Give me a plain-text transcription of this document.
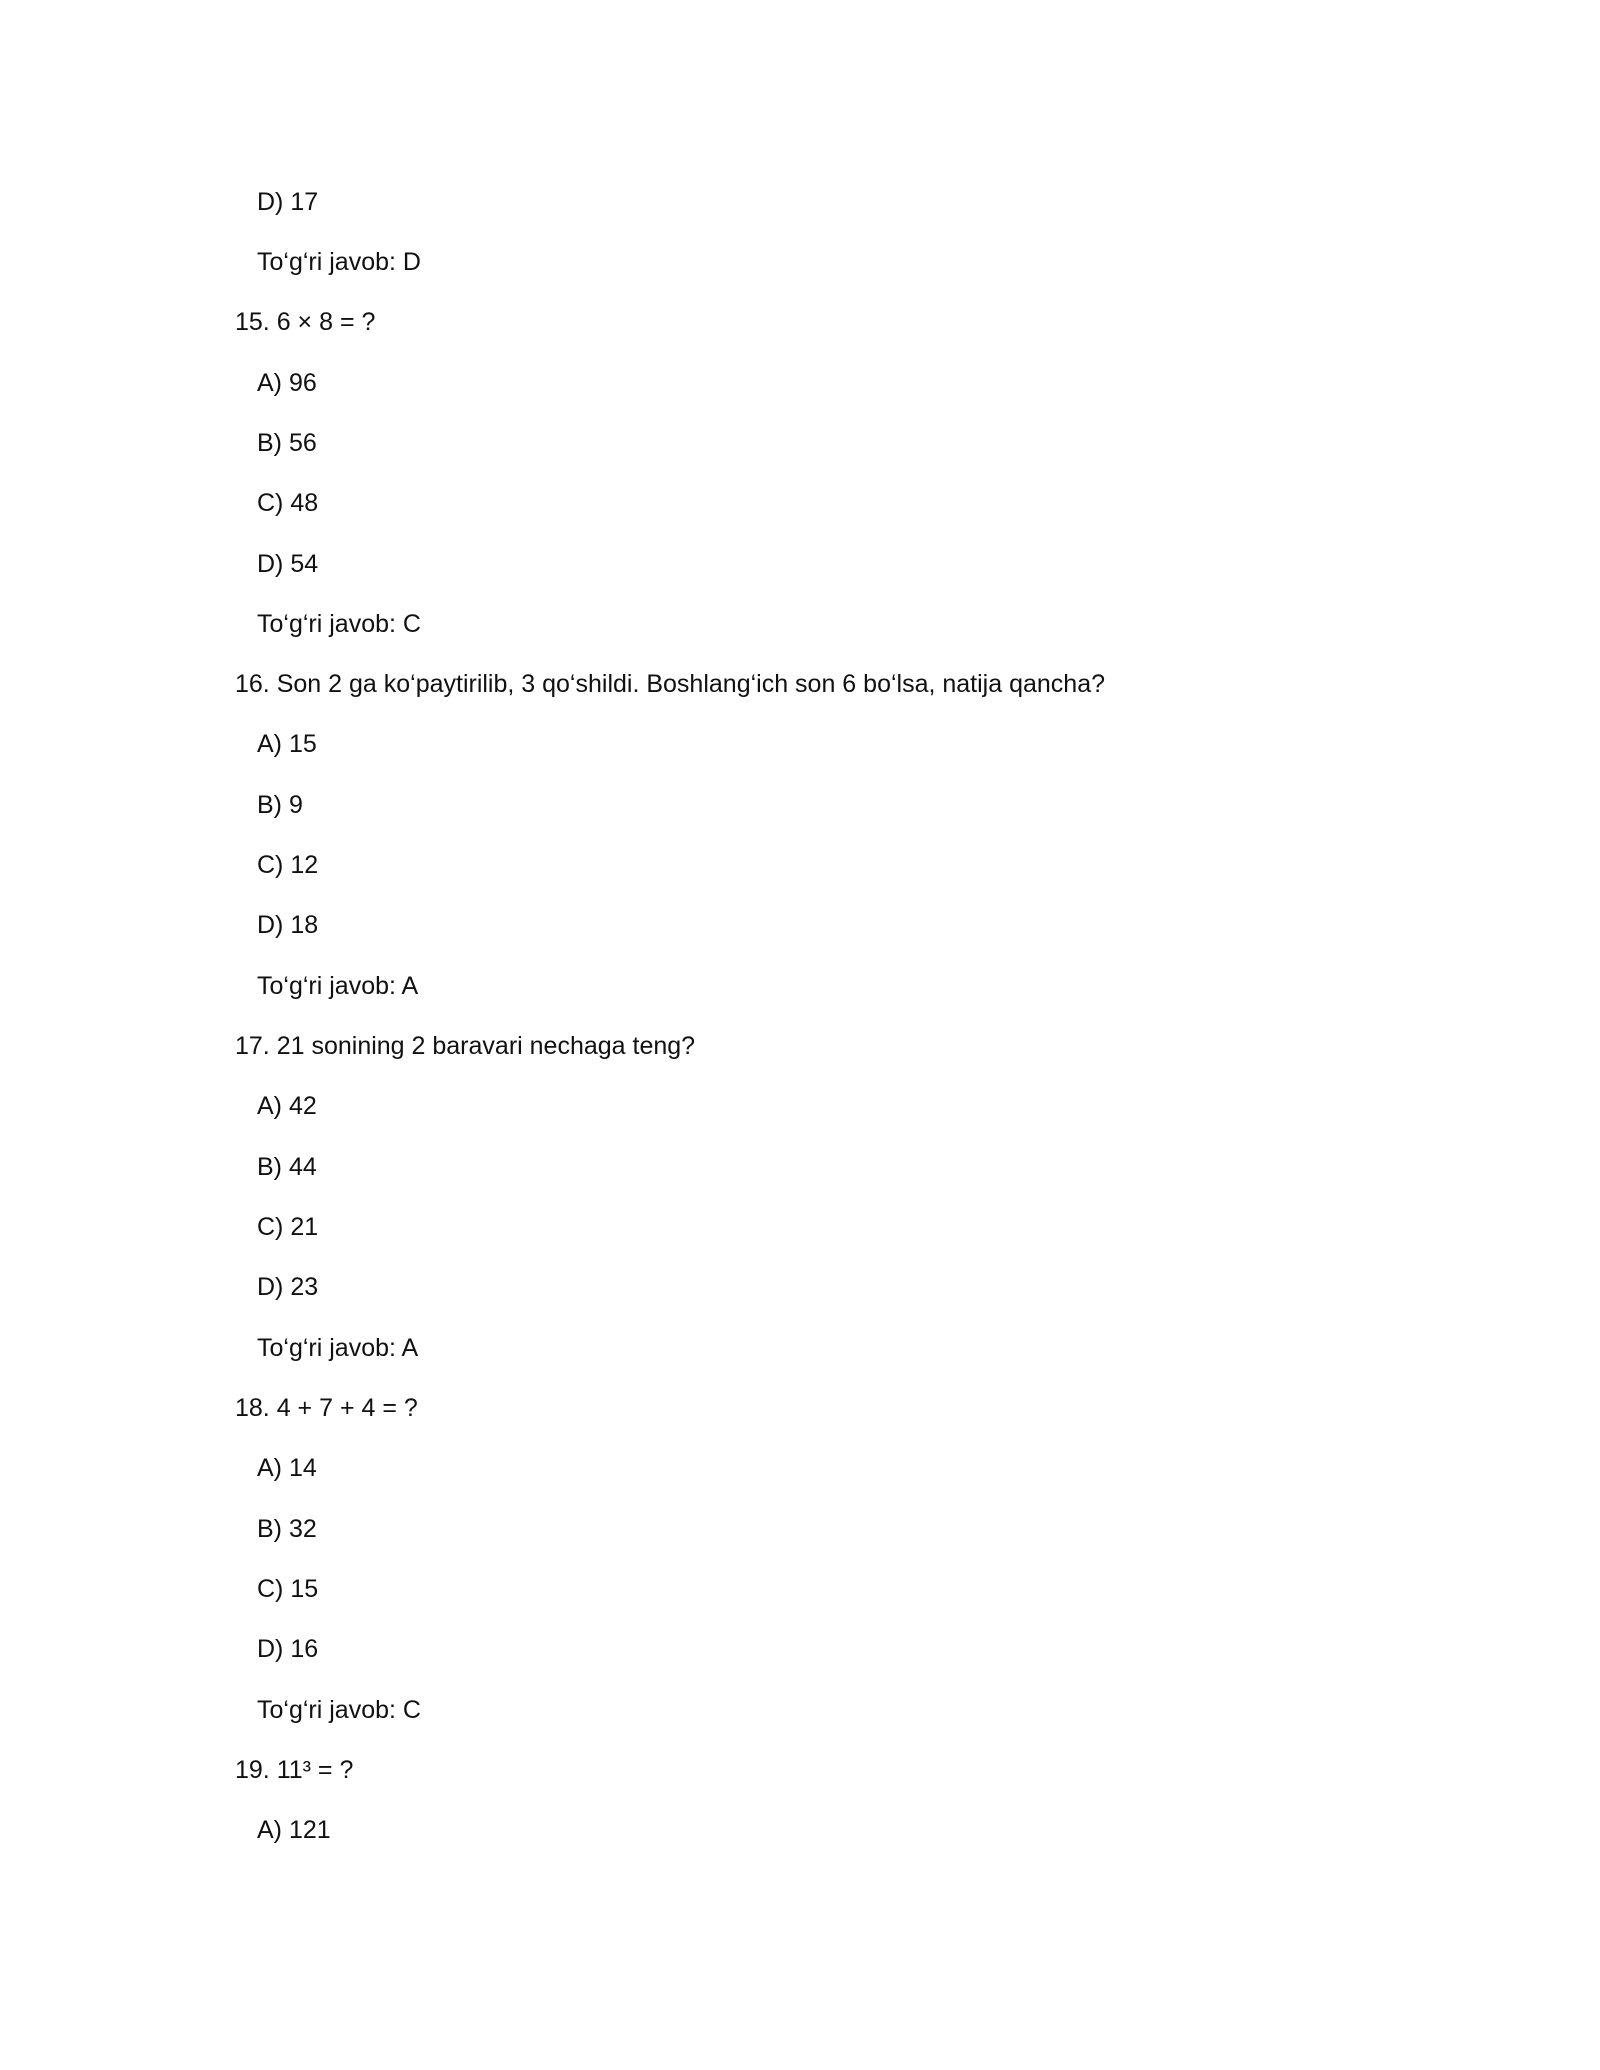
D) 17
To‘g‘ri javob: D
15. 6 × 8 = ?
A) 96
B) 56
C) 48
D) 54
To‘g‘ri javob: C
16. Son 2 ga ko‘paytirilib, 3 qo‘shildi. Boshlang‘ich son 6 bo‘lsa, natija qancha?
A) 15
B) 9
C) 12
D) 18
To‘g‘ri javob: A
17. 21 sonining 2 baravari nechaga teng?
A) 42
B) 44
C) 21
D) 23
To‘g‘ri javob: A
18. 4 + 7 + 4 = ?
A) 14
B) 32
C) 15
D) 16
To‘g‘ri javob: C
19. 11³ = ?
A) 121
